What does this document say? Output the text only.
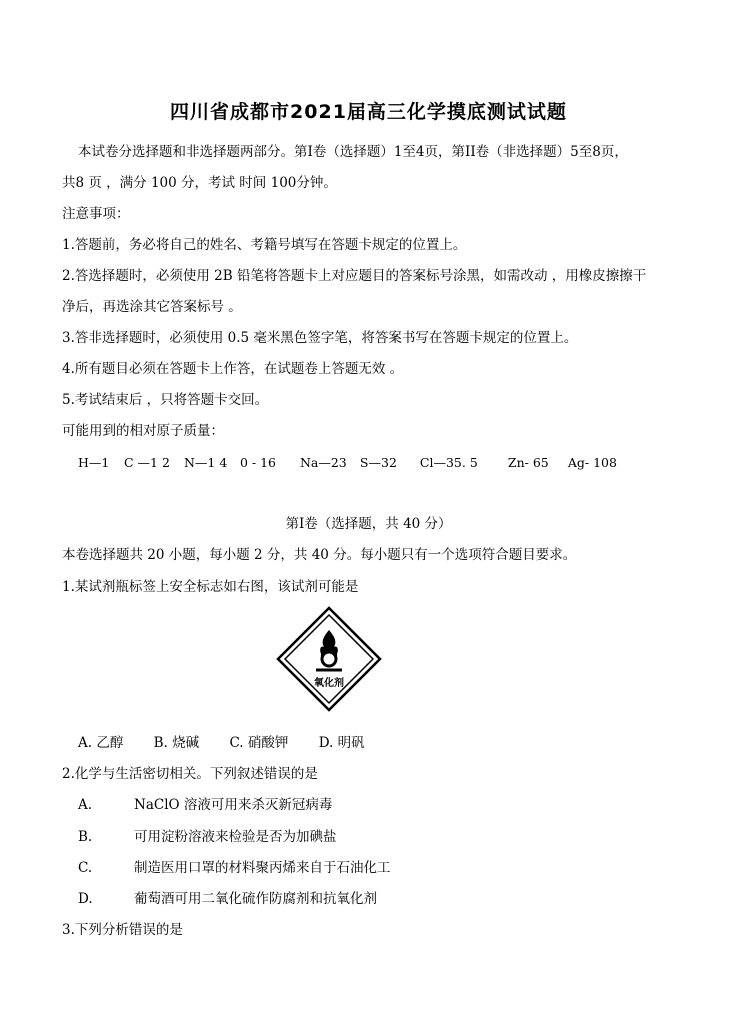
四川省成都市2021届高三化学摸底测试试题
本试卷分选择题和非选择题两部分。第Ⅰ卷（选择题）1至4页，第II卷（非选择题）5至8页，
共8 页 ，满分 100 分，考试 时间 100分钟。
注意事项：
1.答题前，务必将自己的姓名、考籍号填写在答题卡规定的位置上。
2.答选择题时，必须使用 2B 铅笔将答题卡上对应题目的答案标号涂黑，如需改动 ，用橡皮擦擦干
净后，再选涂其它答案标号 。
3.答非选择题时，必须使用 0.5 毫米黑色签字笔，将答案书写在答题卡规定的位置上。
4.所有题目必须在答题卡上作答，在试题卷上答题无效 。
5.考试结束后 ，只将答题卡交回。
可能用到的相对原子质量：
H—1 C —1 2 N—1 4 0 - 16 Na—23 S—32 Cl—35. 5 Zn- 65 Ag- 108
第Ⅰ卷（选择题，共 40 分）
本卷选择题共 20 小题，每小题 2 分，共 40 分。每小题只有一个选项符合题目要求。
1.某试剂瓶标签上安全标志如右图，该试剂可能是
氧化剂
A. 乙醇 B. 烧碱 C. 硝酸钾 D. 明矾
2.化学与生活密切相关。下列叙述错误的是
A.	NaClO 溶液可用来杀灭新冠病毒
B.	可用淀粉溶液来检验是否为加碘盐
C.	制造医用口罩的材料聚丙烯来自于石油化工
D.	葡萄酒可用二氧化硫作防腐剂和抗氧化剂
3.下列分析错误的是
